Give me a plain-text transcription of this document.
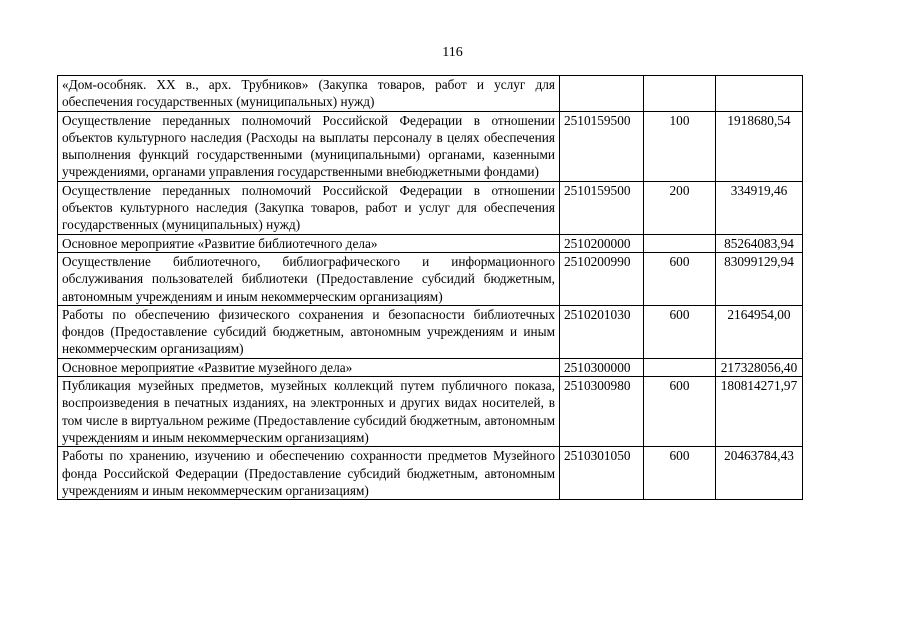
116
«Дом-особняк. XX в., арх. Трубников» (Закупка товаров, работ и услуг для обеспечения государственных (муниципальных) нужд)			
Осуществление переданных полномочий Российской Федерации в отношении объектов культурного наследия (Расходы на выплаты персоналу в целях обеспечения выполнения функций государственными (муниципальными) органами, казенными учреждениями, органами управления государственными внебюджетными фондами)	2510159500	100	1918680,54
Осуществление переданных полномочий Российской Федерации в отношении объектов культурного наследия (Закупка товаров, работ и услуг для обеспечения государственных (муниципальных) нужд)	2510159500	200	334919,46
Основное мероприятие «Развитие библиотечного дела»	2510200000		85264083,94
Осуществление библиотечного, библиографического и информационного обслуживания пользователей библиотеки (Предоставление субсидий бюджетным, автономным учреждениям и иным некоммерческим организациям)	2510200990	600	83099129,94
Работы по обеспечению физического сохранения и безопасности библиотечных фондов (Предоставление субсидий бюджетным, автономным учреждениям и иным некоммерческим организациям)	2510201030	600	2164954,00
Основное мероприятие «Развитие музейного дела»	2510300000		217328056,40
Публикация музейных предметов, музейных коллекций путем публичного показа, воспроизведения в печатных изданиях, на электронных и других видах носителей, в том числе в виртуальном режиме (Предоставление субсидий бюджетным, автономным учреждениям и иным некоммерческим организациям)	2510300980	600	180814271,97
Работы по хранению, изучению и обеспечению сохранности предметов Музейного фонда Российской Федерации (Предоставление субсидий бюджетным, автономным учреждениям и иным некоммерческим организациям)	2510301050	600	20463784,43
